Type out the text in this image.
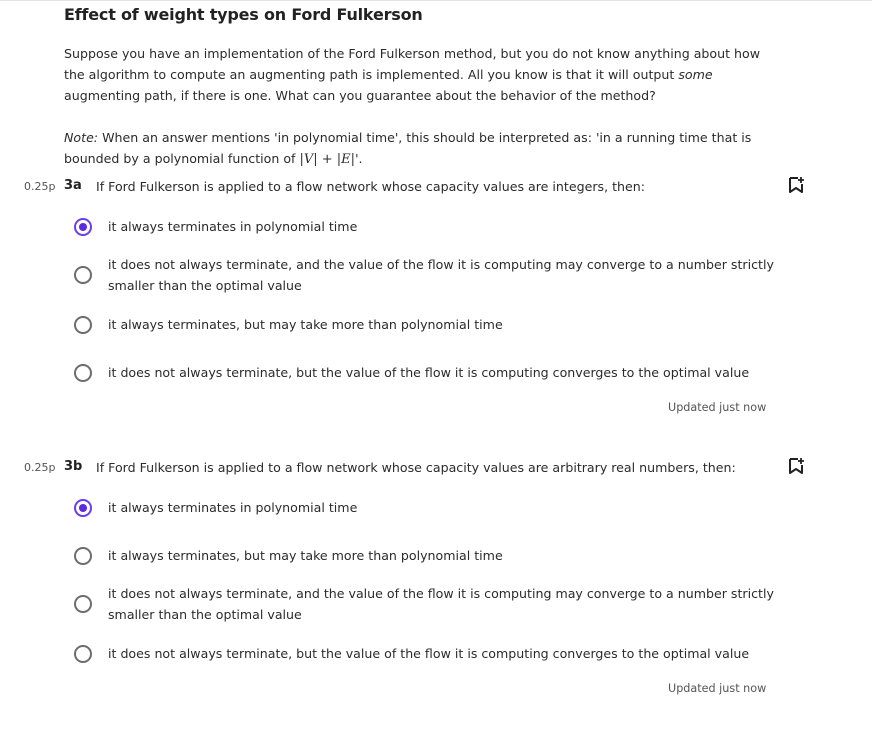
Effect of weight types on Ford Fulkerson
Suppose you have an implementation of the Ford Fulkerson method, but you do not know anything about how
the algorithm to compute an augmenting path is implemented. All you know is that it will output some
augmenting path, if there is one. What can you guarantee about the behavior of the method?
Note: When an answer mentions 'in polynomial time', this should be interpreted as: 'in a running time that is
bounded by a polynomial function of |V| + |E|'.
0.25p 3a If Ford Fulkerson is applied to a flow network whose capacity values are integers, then:
it always terminates in polynomial time
it does not always terminate, and the value of the flow it is computing may converge to a number strictly smaller than the optimal value
it always terminates, but may take more than polynomial time
it does not always terminate, but the value of the flow it is computing converges to the optimal value
Updated just now
0.25p 3b If Ford Fulkerson is applied to a flow network whose capacity values are arbitrary real numbers, then:
it always terminates in polynomial time
it always terminates, but may take more than polynomial time
it does not always terminate, and the value of the flow it is computing may converge to a number strictly smaller than the optimal value
it does not always terminate, but the value of the flow it is computing converges to the optimal value
Updated just now
